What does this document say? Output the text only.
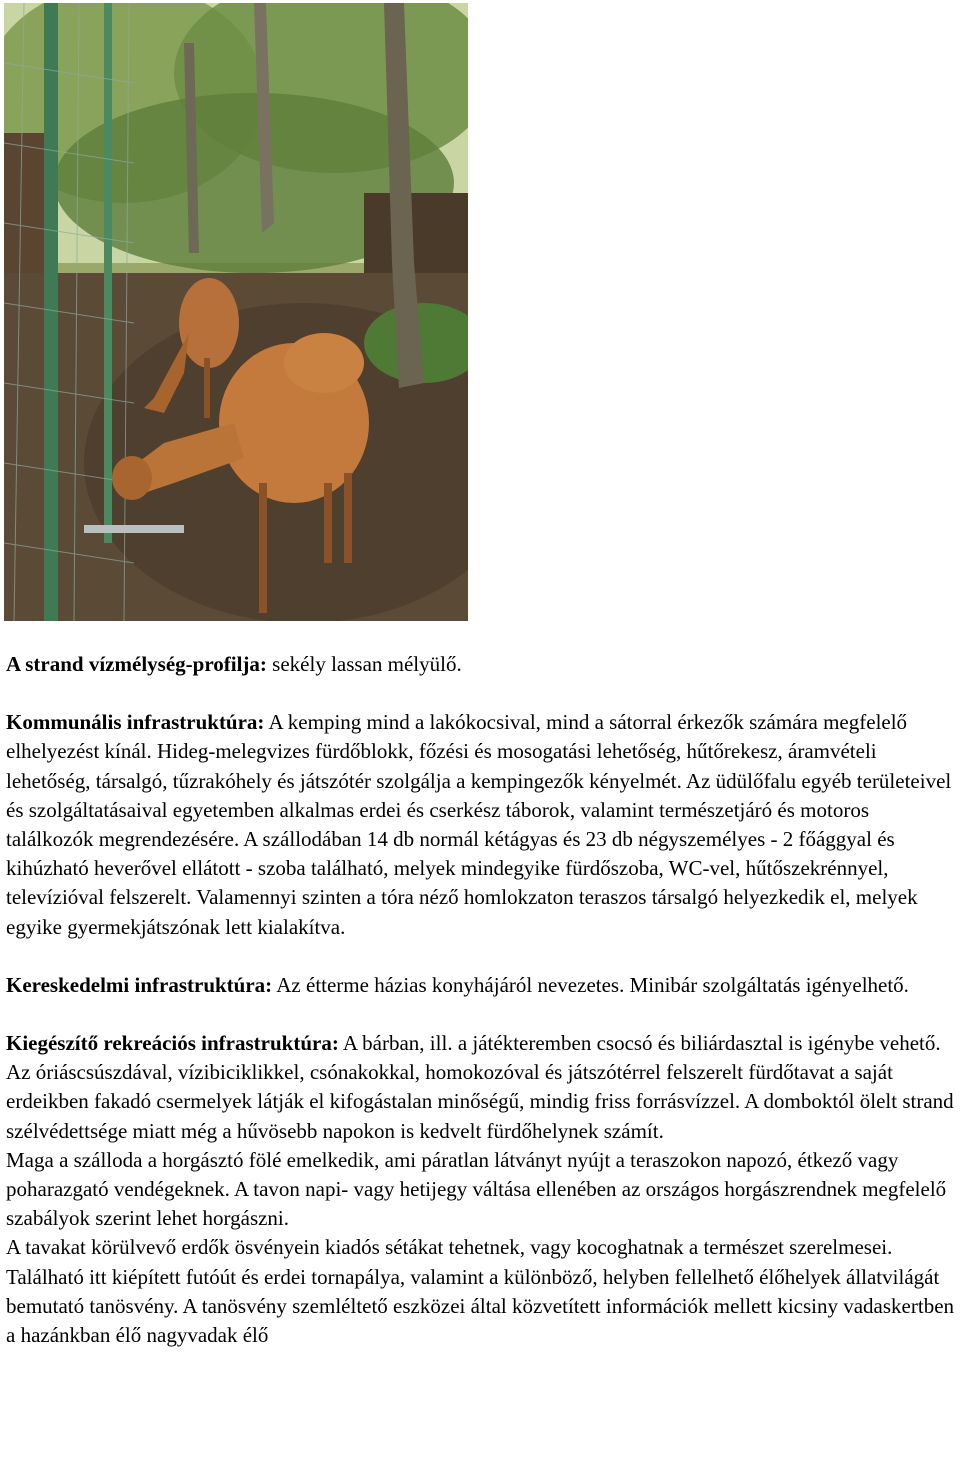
A strand vízmélység-profilja: sekély lassan mélyülő.

Kommunális infrastruktúra: A kemping mind a lakókocsival, mind a sátorral érkezők számára megfelelő elhelyezést kínál. Hideg-melegvizes fürdőblokk, főzési és mosogatási lehetőség, hűtőrekesz, áramvételi lehetőség, társalgó, tűzrakóhely és játszótér szolgálja a kempingezők kényelmét. Az üdülőfalu egyéb területeivel és szolgáltatásaival egyetemben alkalmas erdei és cserkész táborok, valamint természetjáró és motoros találkozók megrendezésére. A szállodában 14 db normál kétágyas és 23 db négyszemélyes - 2 főággyal és kihúzható heverővel ellátott - szoba található, melyek mindegyike fürdőszoba, WC-vel, hűtőszekrénnyel, televízióval felszerelt. Valamennyi szinten a tóra néző homlokzaton teraszos társalgó helyezkedik el, melyek egyike gyermekjátszónak lett kialakítva.

Kereskedelmi infrastruktúra: Az étterme házias konyhájáról nevezetes. Minibár szolgáltatás igényelhető.

Kiegészítő rekreációs infrastruktúra: A bárban, ill. a játékteremben csocsó és biliárdasztal is igénybe vehető.

Az óriáscsúszdával, vízibiciklikkel, csónakokkal, homokozóval és játszótérrel felszerelt fürdőtavat a saját erdeikben fakadó csermelyek látják el kifogástalan minőségű, mindig friss forrásvízzel. A domboktól ölelt strand szélvédettsége miatt még a hűvösebb napokon is kedvelt fürdőhelynek számít.

Maga a szálloda a horgásztó fölé emelkedik, ami páratlan látványt nyújt a teraszokon napozó, étkező vagy poharazgató vendégeknek. A tavon napi- vagy hetijegy váltása ellenében az országos horgászrendnek megfelelő szabályok szerint lehet horgászni.

A tavakat körülvevő erdők ösvényein kiadós sétákat tehetnek, vagy kocoghatnak a természet szerelmesei. Található itt kiépített futóút és erdei tornapálya, valamint a különböző, helyben fellelhető élőhelyek állatvilágát bemutató tanösvény. A tanösvény szemléltető eszközei által közvetített információk mellett kicsiny vadaskertben a hazánkban élő nagyvadak élő
